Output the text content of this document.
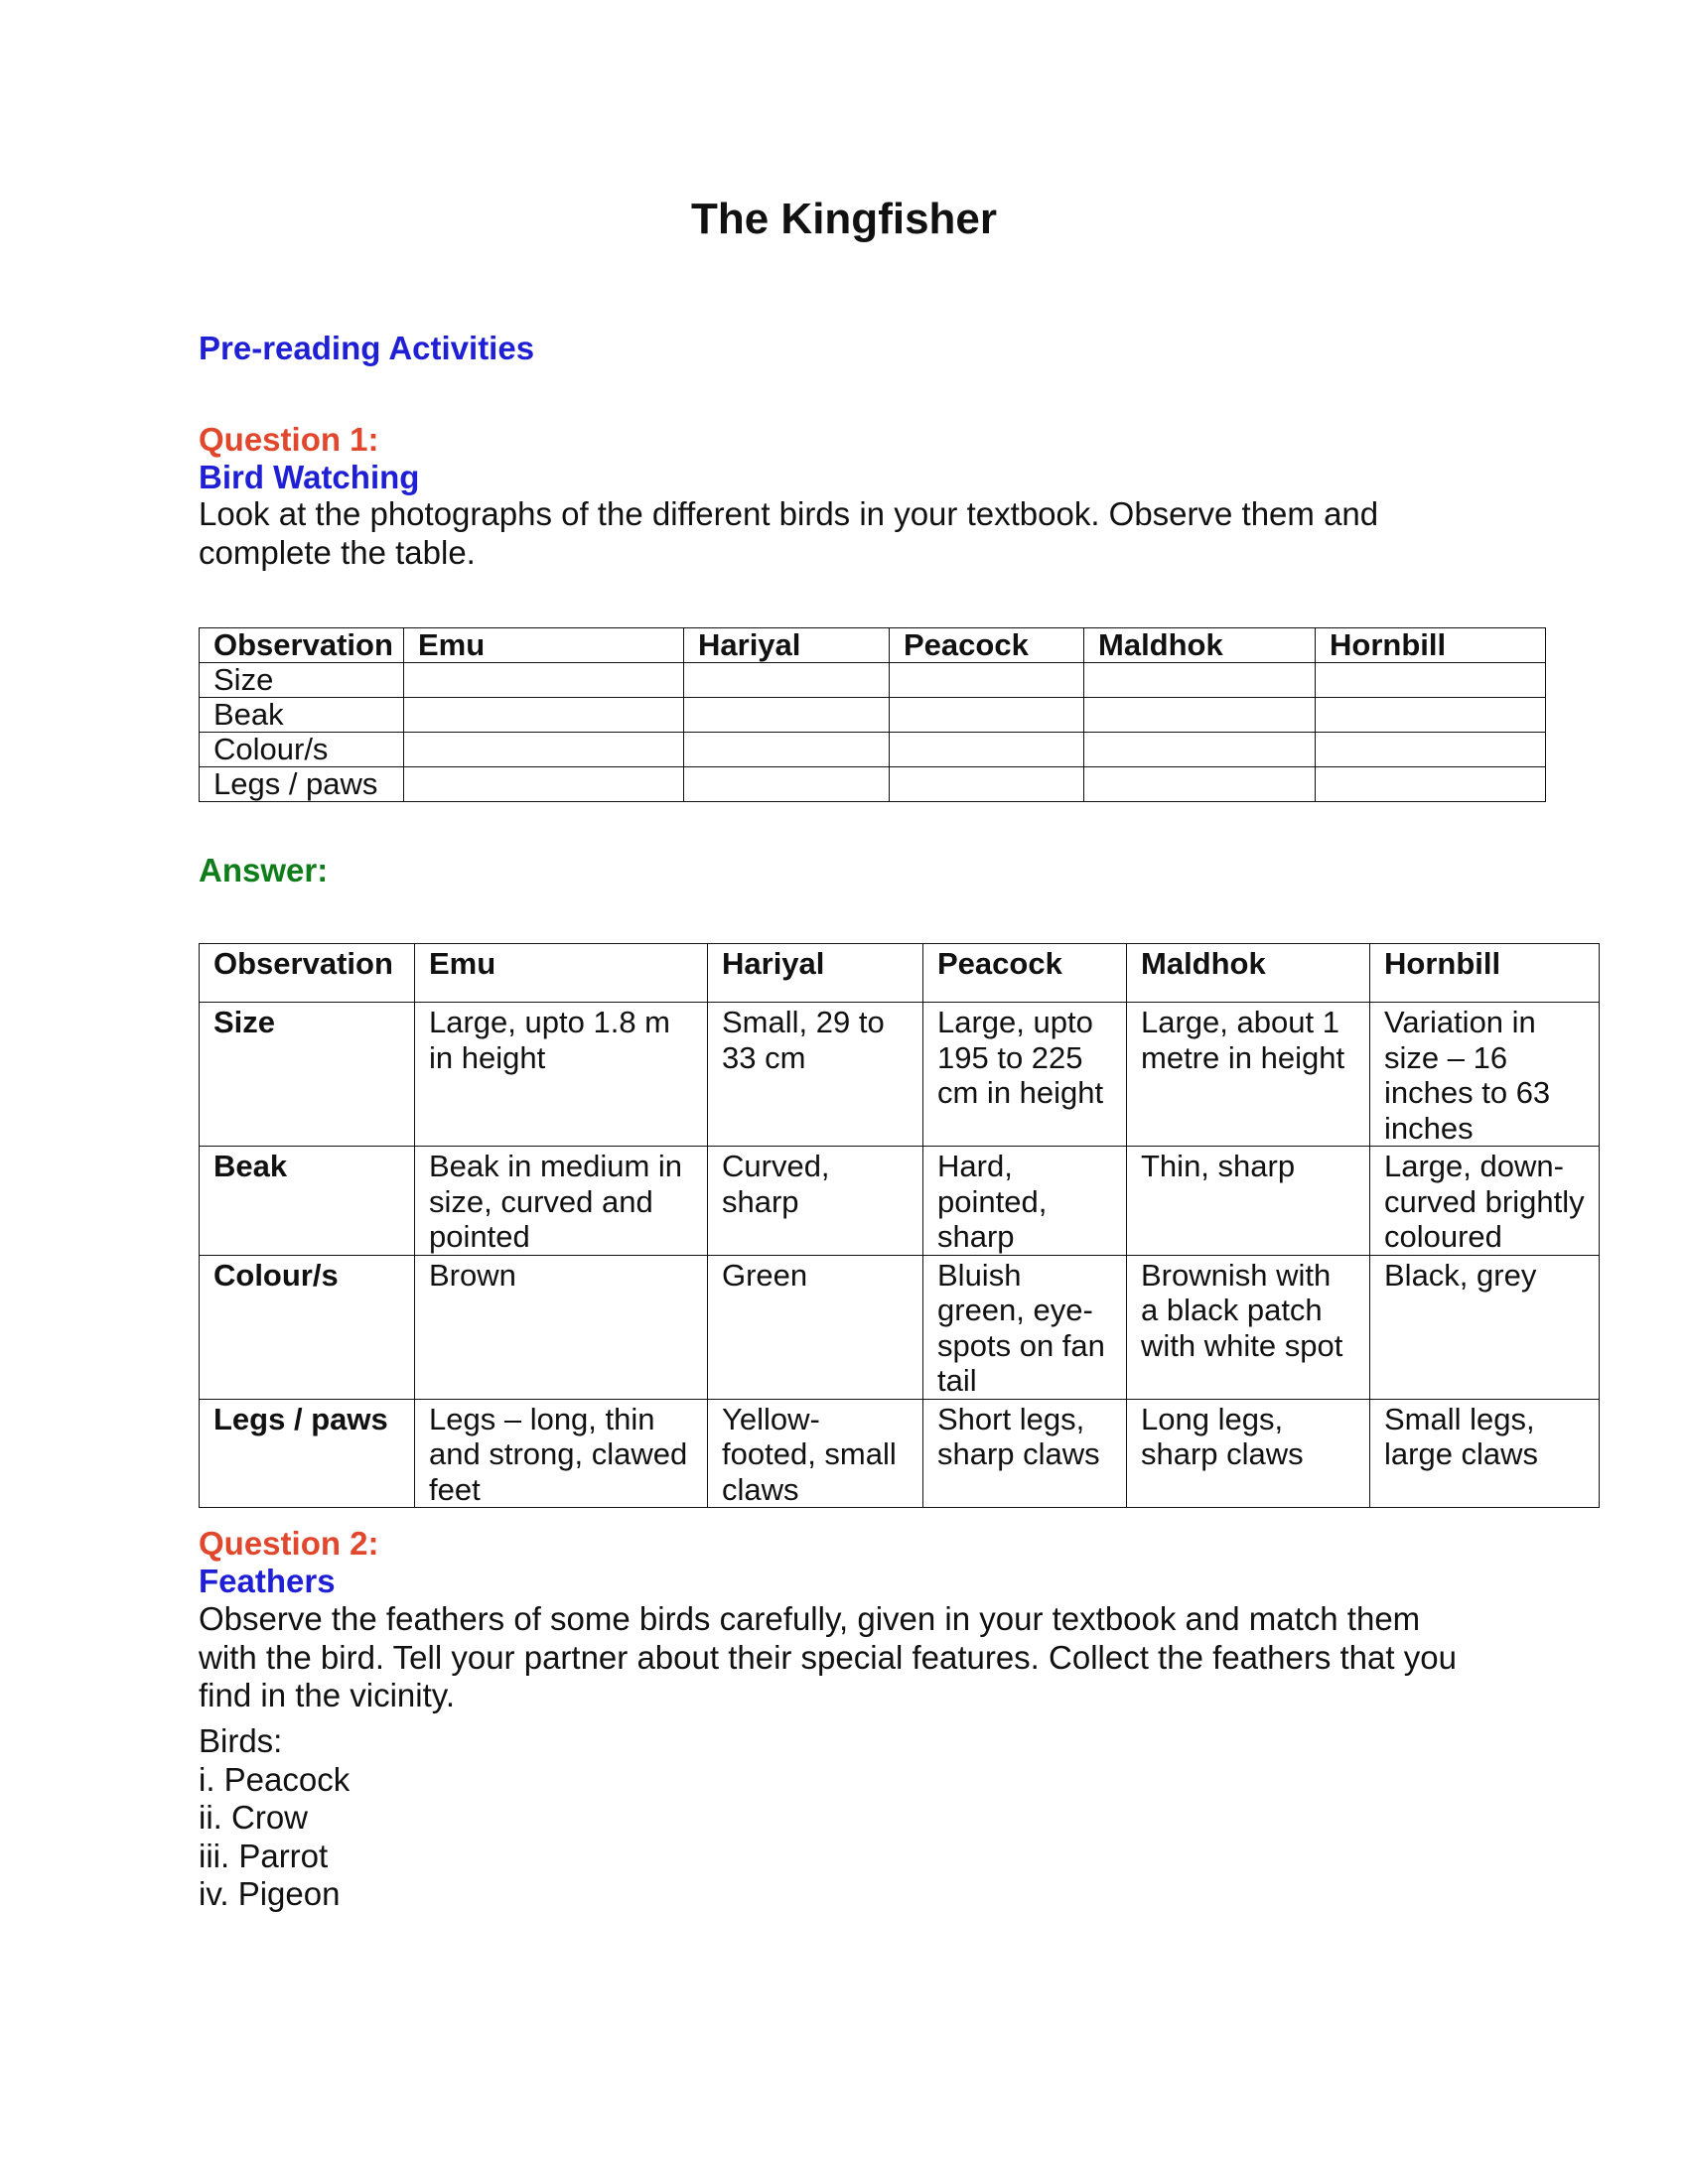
The Kingfisher
Pre-reading Activities
Question 1:
Bird Watching

Look at the photographs of the different birds in your textbook. Observe them and

complete the table.

Observation	Emu	Hariyal	Peacock	Maldhok	Hornbill
Size					
Beak					
Colour/s					
Legs / paws					
Answer:
Observation	Emu	Hariyal	Peacock	Maldhok	Hornbill
Size	Large, upto 1.8 m in height	Small, 29 to 33 cm	Large, upto 195 to 225 cm in height	Large, about 1 metre in height	Variation in size – 16 inches to 63 inches
Beak	Beak in medium in size, curved and pointed	Curved, sharp	Hard, pointed, sharp	Thin, sharp	Large, down-curved brightly coloured
Colour/s	Brown	Green	Bluish green, eye-spots on fan tail	Brownish with a black patch with white spot	Black, grey
Legs / paws	Legs – long, thin and strong, clawed feet	Yellow-footed, small claws	Short legs, sharp claws	Long legs, sharp claws	Small legs, large claws
Question 2:
Feathers

Observe the feathers of some birds carefully, given in your textbook and match them

with the bird. Tell your partner about their special features. Collect the feathers that you

find in the vicinity.

Birds:
i. Peacock
ii. Crow
iii. Parrot
iv. Pigeon
